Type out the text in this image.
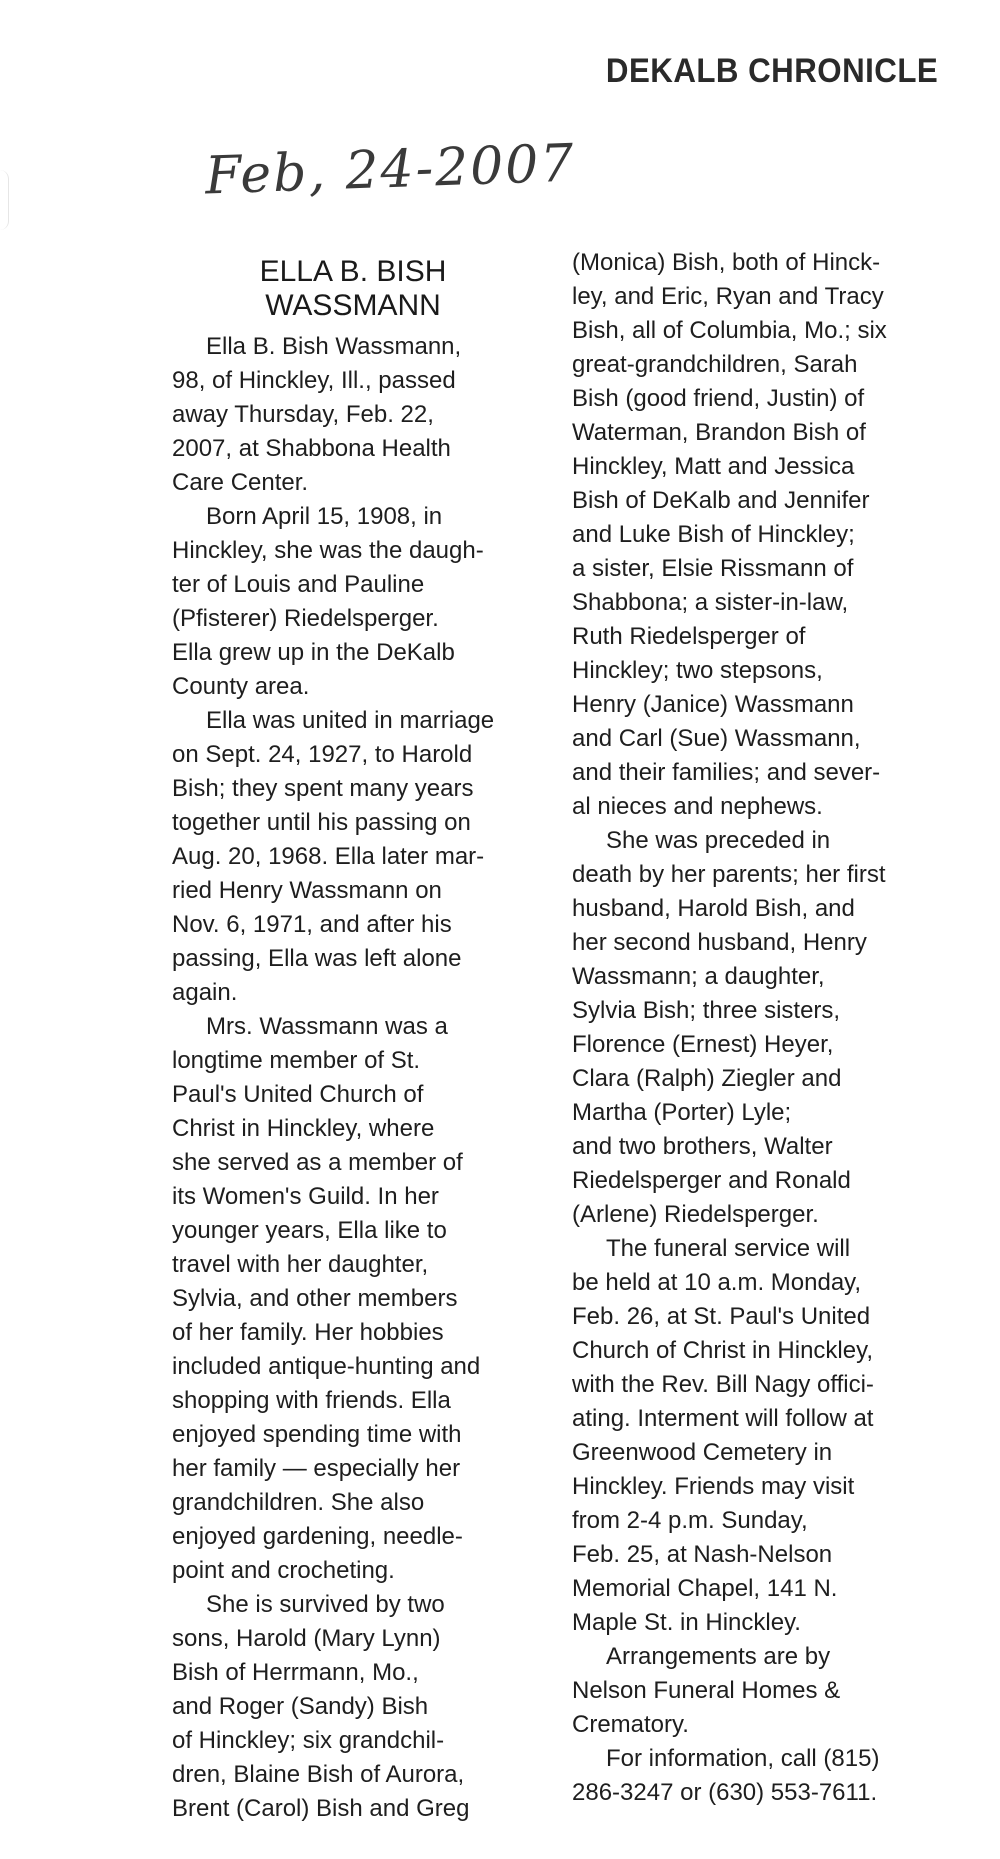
DEKALB CHRONICLE
Feb, 24-2007
ELLA B. BISH
WASSMANN
Ella B. Bish Wassmann,
98, of Hinckley, Ill., passed
away Thursday, Feb. 22,
2007, at Shabbona Health
Care Center.
Born April 15, 1908, in
Hinckley, she was the daugh-
ter of Louis and Pauline
(Pfisterer) Riedelsperger.
Ella grew up in the DeKalb
County area.
Ella was united in marriage
on Sept. 24, 1927, to Harold
Bish; they spent many years
together until his passing on
Aug. 20, 1968. Ella later mar-
ried Henry Wassmann on
Nov. 6, 1971, and after his
passing, Ella was left alone
again.
Mrs. Wassmann was a
longtime member of St.
Paul's United Church of
Christ in Hinckley, where
she served as a member of
its Women's Guild. In her
younger years, Ella like to
travel with her daughter,
Sylvia, and other members
of her family. Her hobbies
included antique-hunting and
shopping with friends. Ella
enjoyed spending time with
her family — especially her
grandchildren. She also
enjoyed gardening, needle-
point and crocheting.
She is survived by two
sons, Harold (Mary Lynn)
Bish of Herrmann, Mo.,
and Roger (Sandy) Bish
of Hinckley; six grandchil-
dren, Blaine Bish of Aurora,
Brent (Carol) Bish and Greg
(Monica) Bish, both of Hinck-
ley, and Eric, Ryan and Tracy
Bish, all of Columbia, Mo.; six
great-grandchildren, Sarah
Bish (good friend, Justin) of
Waterman, Brandon Bish of
Hinckley, Matt and Jessica
Bish of DeKalb and Jennifer
and Luke Bish of Hinckley;
a sister, Elsie Rissmann of
Shabbona; a sister-in-law,
Ruth Riedelsperger of
Hinckley; two stepsons,
Henry (Janice) Wassmann
and Carl (Sue) Wassmann,
and their families; and sever-
al nieces and nephews.
She was preceded in
death by her parents; her first
husband, Harold Bish, and
her second husband, Henry
Wassmann; a daughter,
Sylvia Bish; three sisters,
Florence (Ernest) Heyer,
Clara (Ralph) Ziegler and
Martha (Porter) Lyle;
and two brothers, Walter
Riedelsperger and Ronald
(Arlene) Riedelsperger.
The funeral service will
be held at 10 a.m. Monday,
Feb. 26, at St. Paul's United
Church of Christ in Hinckley,
with the Rev. Bill Nagy offici-
ating. Interment will follow at
Greenwood Cemetery in
Hinckley. Friends may visit
from 2-4 p.m. Sunday,
Feb. 25, at Nash-Nelson
Memorial Chapel, 141 N.
Maple St. in Hinckley.
Arrangements are by
Nelson Funeral Homes &
Crematory.
For information, call (815)
286-3247 or (630) 553-7611.
